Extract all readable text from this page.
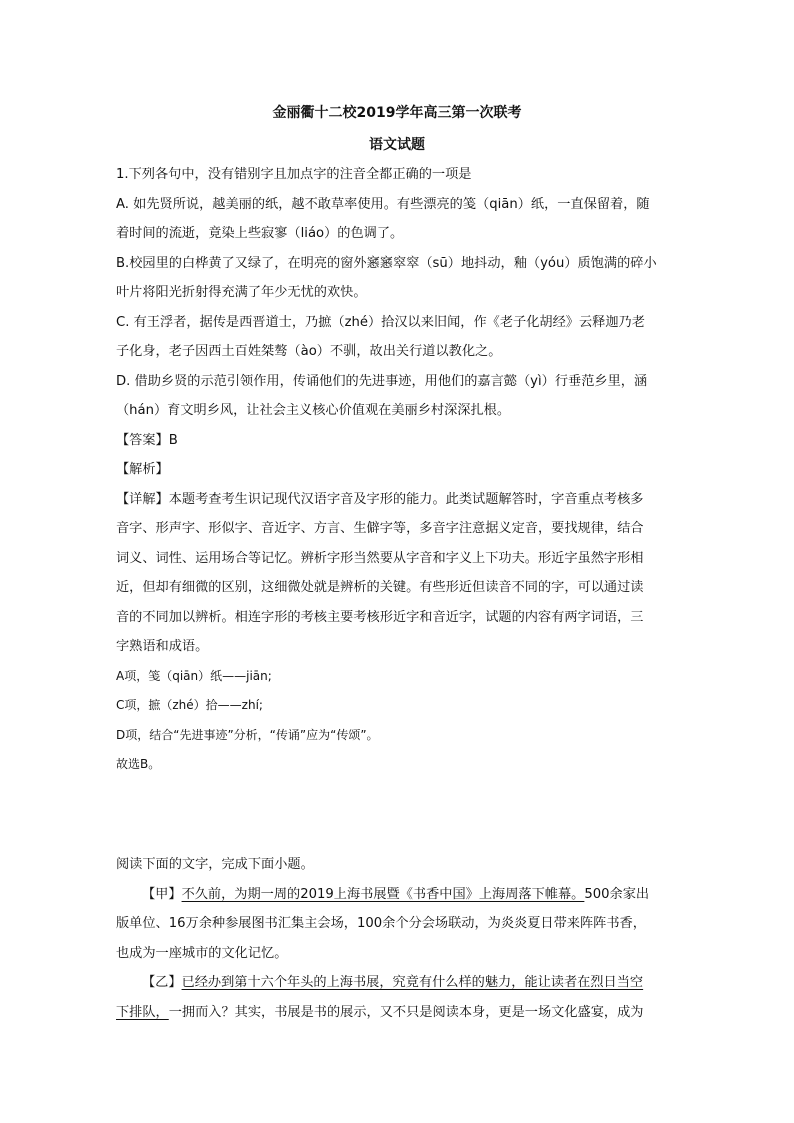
金丽衢十二校2019学年高三第一次联考
语文试题
1.下列各句中，没有错别字且加点字的注音全都正确的一项是
A. 如先贤所说，越美丽的纸，越不敢草率使用。有些漂亮的笺（qiān）纸，一直保留着，随
着时间的流逝，竟染上些寂寥（liáo）的色调了。
B.校园里的白桦黄了又绿了，在明亮的窗外窸窸窣窣（sū）地抖动，釉（yóu）质饱满的碎小
叶片将阳光折射得充满了年少无忧的欢快。
C. 有王浮者，据传是西晋道士，乃摭（zhé）拾汉以来旧闻，作《老子化胡经》云释迦乃老
子化身，老子因西土百姓桀骜（ào）不驯，故出关行道以教化之。
D. 借助乡贤的示范引领作用，传诵他们的先进事迹，用他们的嘉言懿（yì）行垂范乡里，涵
（hán）育文明乡风，让社会主义核心价值观在美丽乡村深深扎根。
【答案】B
【解析】
【详解】本题考查考生识记现代汉语字音及字形的能力。此类试题解答时，字音重点考核多
音字、形声字、形似字、音近字、方言、生僻字等，多音字注意据义定音，要找规律，结合
词义、词性、运用场合等记忆。辨析字形当然要从字音和字义上下功夫。形近字虽然字形相
近，但却有细微的区别，这细微处就是辨析的关键。有些形近但读音不同的字，可以通过读
音的不同加以辨析。相连字形的考核主要考核形近字和音近字，试题的内容有两字词语，三
字熟语和成语。
A项，笺（qiān）纸——jiān;
C项，摭（zhé）拾——zhí;
D项，结合“先进事迹”分析，“传诵”应为“传颂”。
故选B。
阅读下面的文字，完成下面小题。
【甲】不久前，为期一周的2019上海书展暨《书香中国》上海周落下帷幕。500余家出
版单位、16万余种参展图书汇集主会场，100余个分会场联动，为炎炎夏日带来阵阵书香，
也成为一座城市的文化记忆。
【乙】已经办到第十六个年头的上海书展，究竟有什么样的魅力，能让读者在烈日当空
下排队，一拥而入？其实，书展是书的展示，又不只是阅读本身，更是一场文化盛宴，成为
